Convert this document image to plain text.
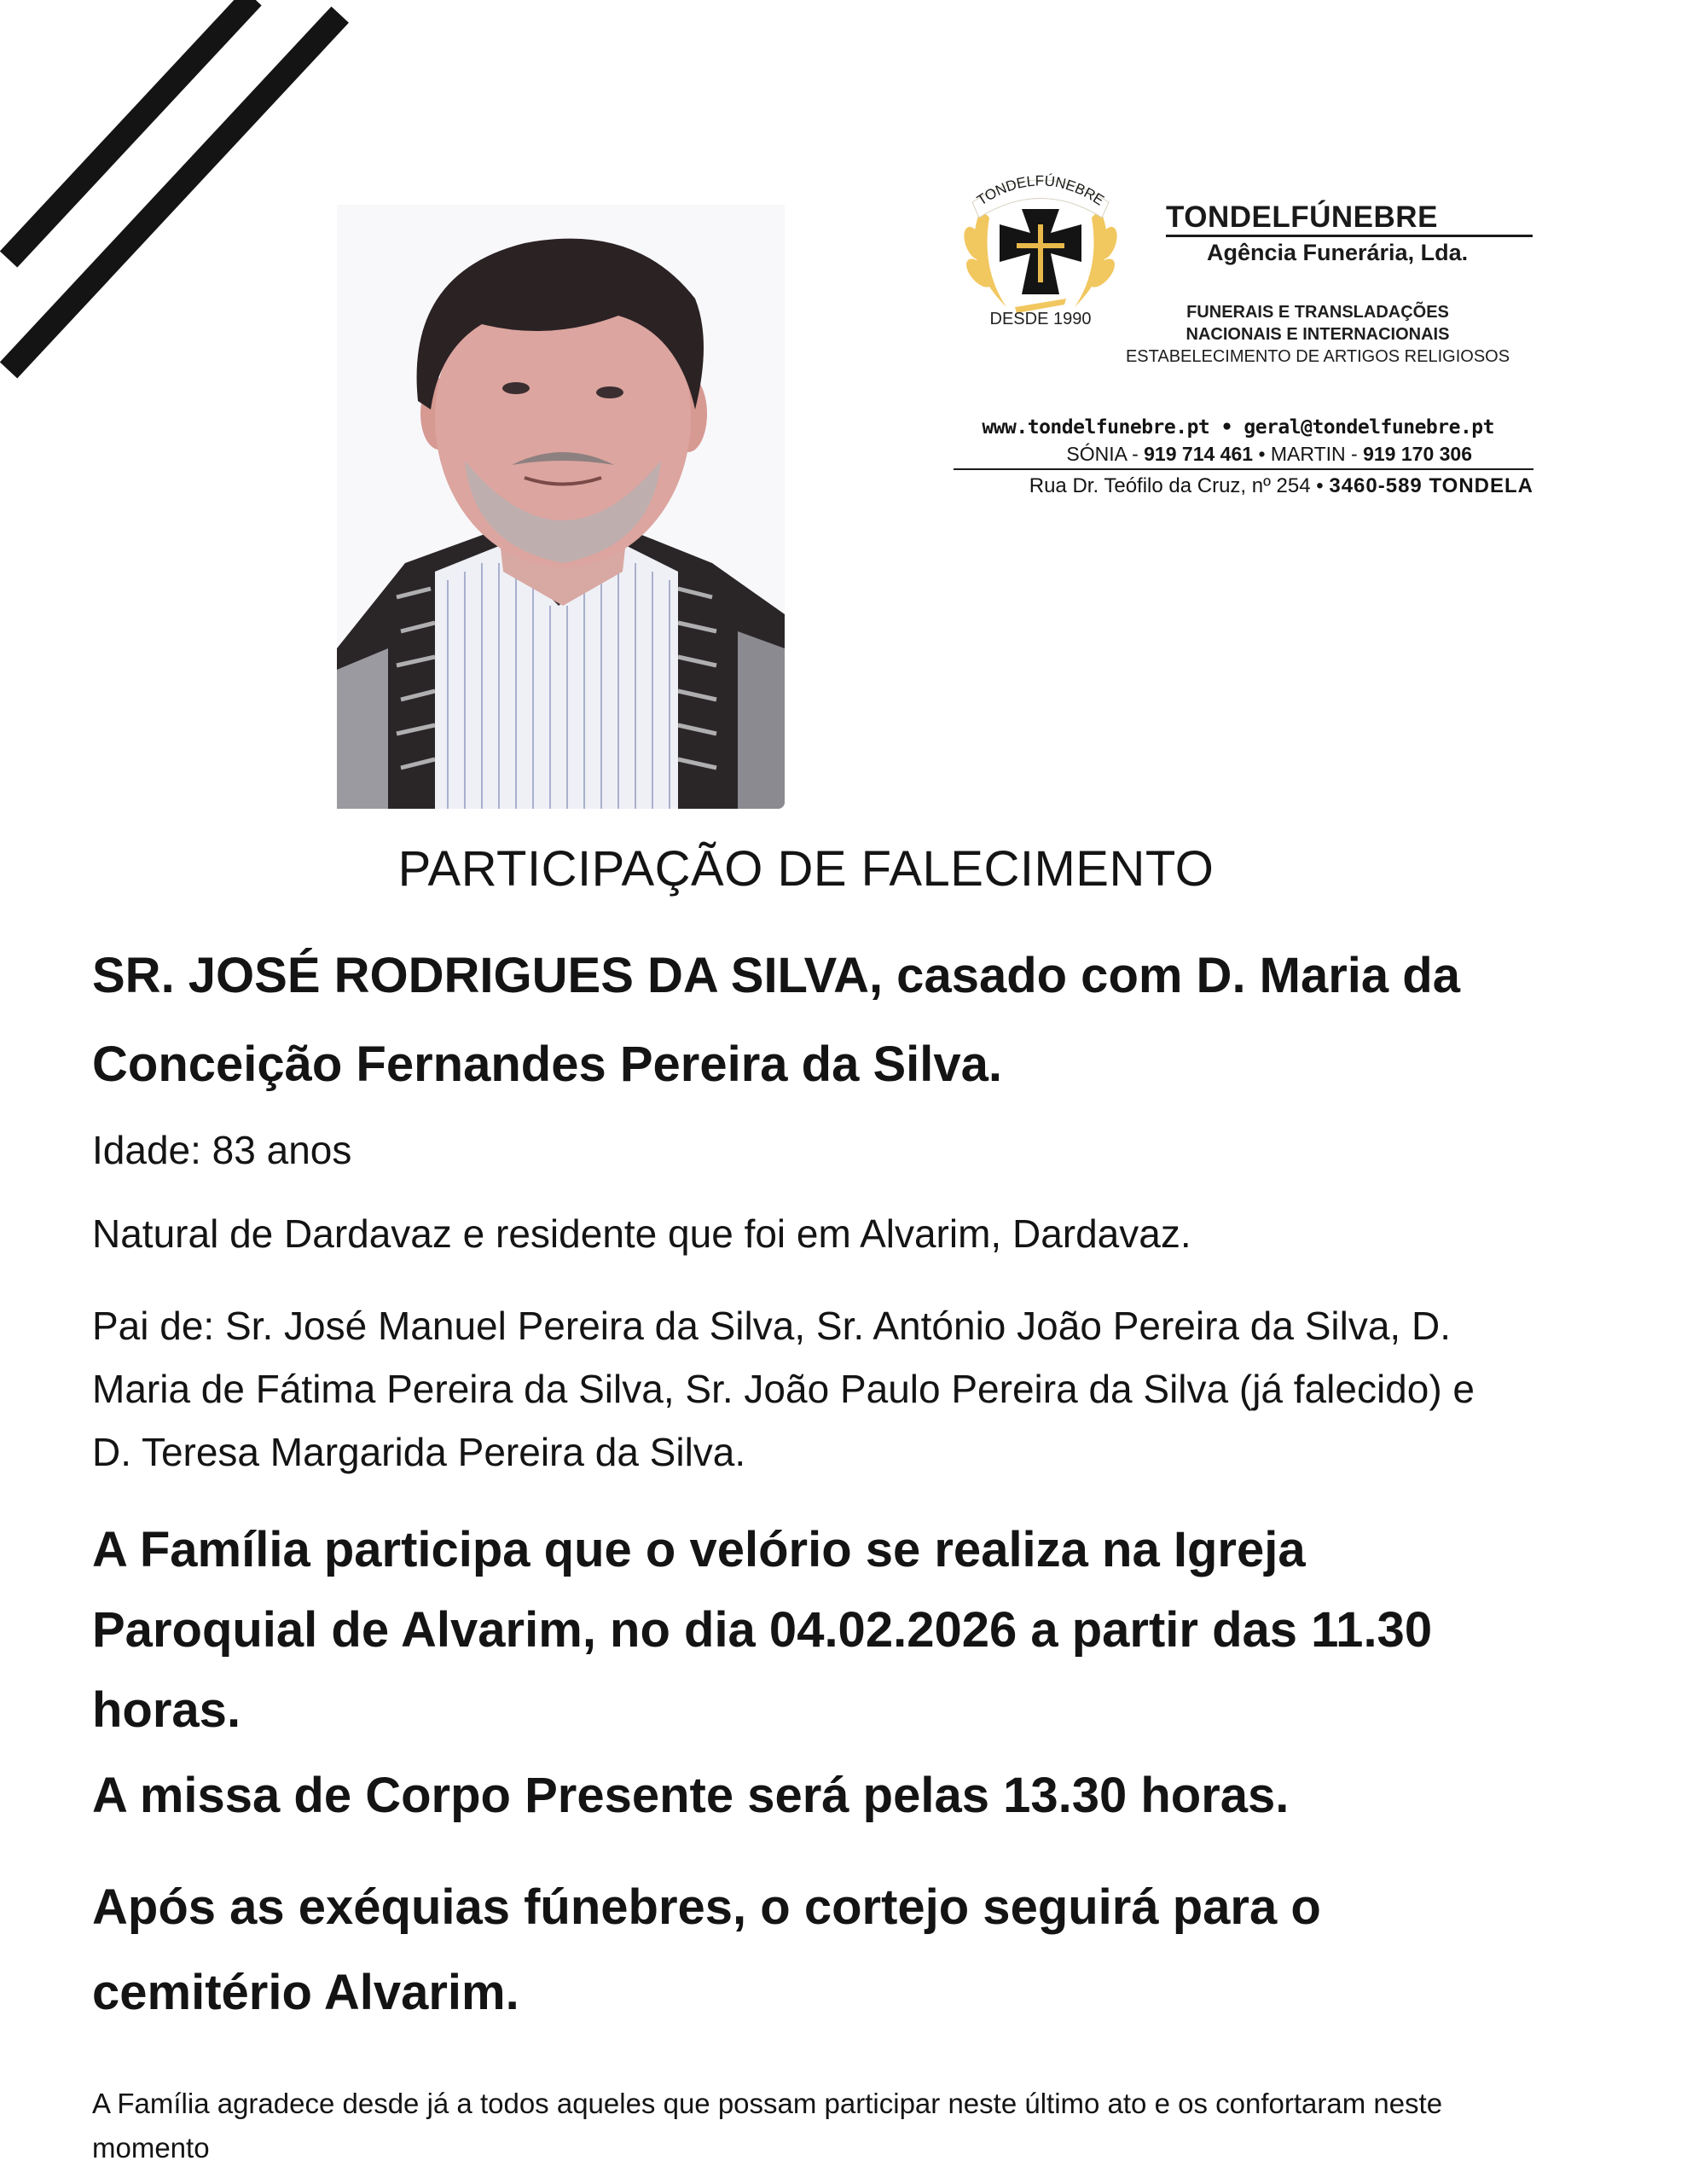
TONDELFÚNEBRE
DESDE 1990
TONDELFÚNEBRE
Agência Funerária, Lda.
FUNERAIS E TRANSLADAÇÕES
NACIONAIS E INTERNACIONAIS
ESTABELECIMENTO DE ARTIGOS RELIGIOSOS
www.tondelfunebre.pt • geral@tondelfunebre.pt
SÓNIA - 919 714 461 • MARTIN - 919 170 306
Rua Dr. Teófilo da Cruz, nº 254 • 3460-589 TONDELA
PARTICIPAÇÃO DE FALECIMENTO
SR. JOSÉ RODRIGUES DA SILVA, casado com D. Maria da Conceição Fernandes Pereira da Silva.
Idade: 83 anos
Natural de Dardavaz e residente que foi em Alvarim, Dardavaz.
Pai de: Sr. José Manuel Pereira da Silva, Sr. António João Pereira da Silva, D. Maria de Fátima Pereira da Silva, Sr. João Paulo Pereira da Silva (já falecido) e D. Teresa Margarida Pereira da Silva.
A Família participa que o velório se realiza na Igreja Paroquial de Alvarim, no dia 04.02.2026 a partir das 11.30 horas.
A missa de Corpo Presente será pelas 13.30 horas.
Após as exéquias fúnebres, o cortejo seguirá para o cemitério Alvarim.
A Família agradece desde já a todos aqueles que possam participar neste último ato e os confortaram neste momento
